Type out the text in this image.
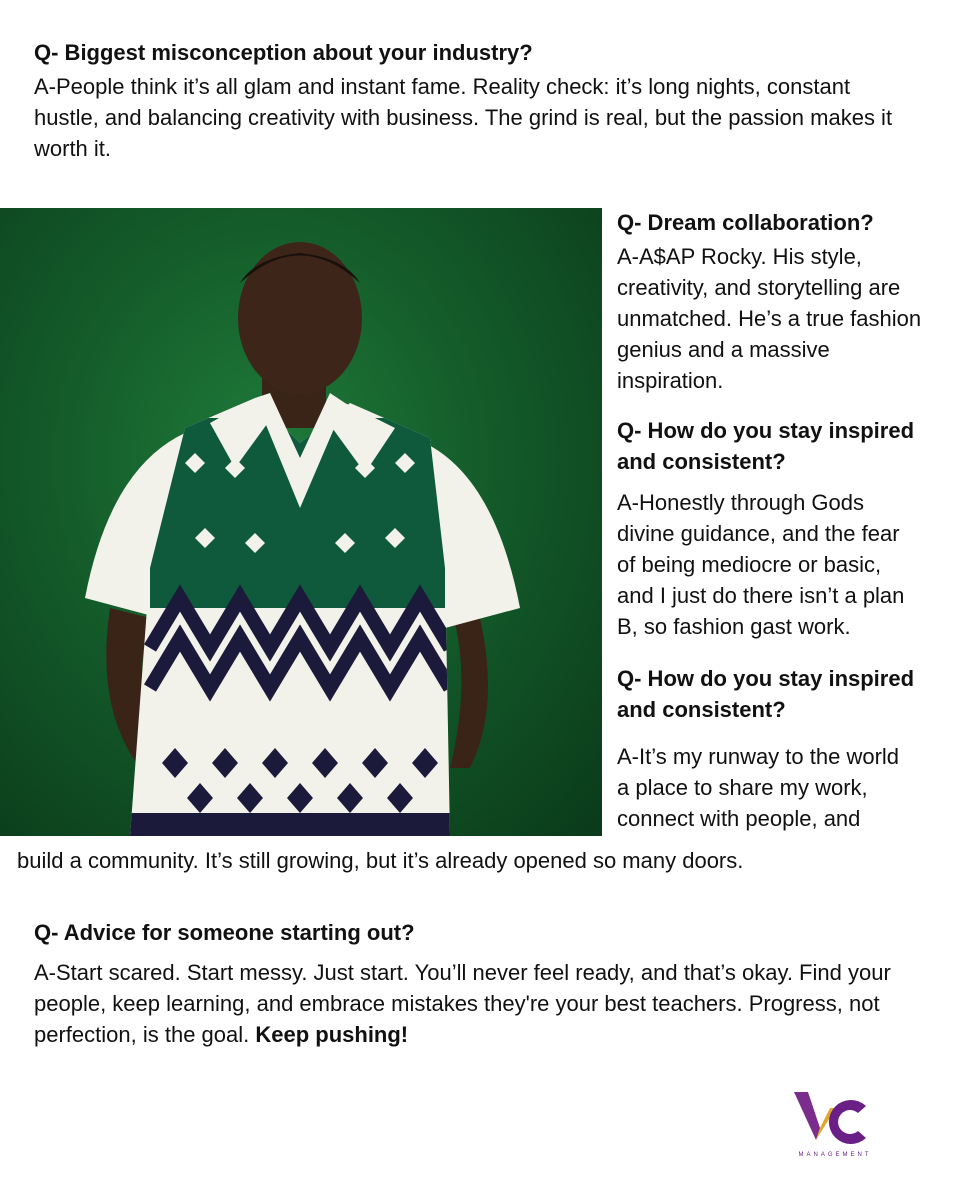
Q- Biggest misconception about your industry?

A-People think it’s all glam and instant fame. Reality check: it’s long nights, constant

hustle, and balancing creativity with business. The grind is real, but the passion makes it

worth it.

Q- Dream collaboration?

A-A$AP Rocky. His style,

creativity, and storytelling are

unmatched. He’s a true fashion

genius and a massive

inspiration.

Q- How do you stay inspired

and consistent?

A-Honestly through Gods

divine guidance, and the fear

of being mediocre or basic,

and I just do there isn’t a plan

B, so fashion gast work.

Q- How do you stay inspired

and consistent?

A-It’s my runway to the world

a place to share my work,

connect with people, and

build a community. It’s still growing, but it’s already opened so many doors.

Q- Advice for someone starting out?

A-Start scared. Start messy. Just start. You’ll never feel ready, and that’s okay. Find your

people, keep learning, and embrace mistakes they're your best teachers. Progress, not

perfection, is the goal. Keep pushing!

MANAGEMENT
